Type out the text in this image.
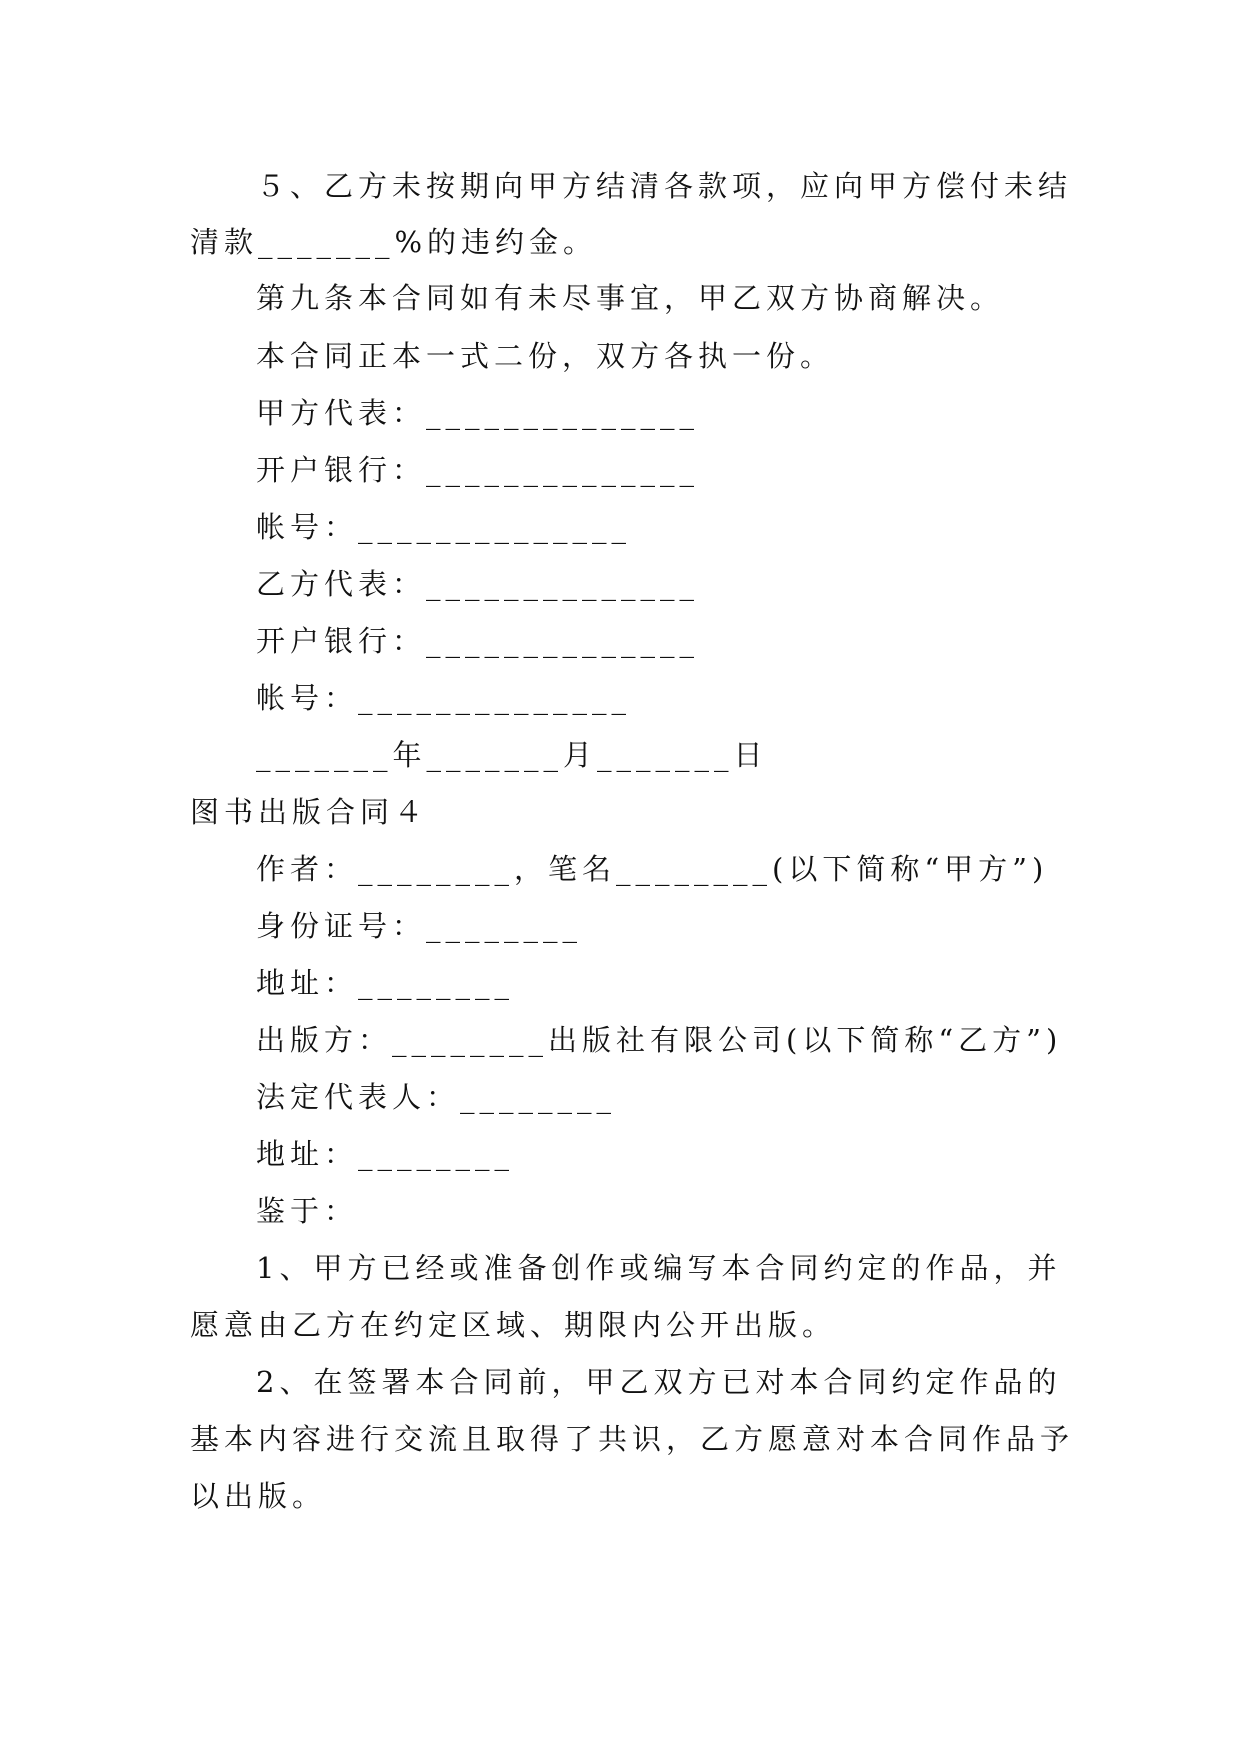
５、乙方未按期向甲方结清各款项，应向甲方偿付未结
清款_______%的违约金。
第九条本合同如有未尽事宜，甲乙双方协商解决。
本合同正本一式二份，双方各执一份。
甲方代表：______________
开户银行：______________
帐号：______________
乙方代表：______________
开户银行：______________
帐号：______________
_______年_______月_______日
图书出版合同４
作者：________，笔名________(以下简称“甲方”)
身份证号：________
地址：________
出版方：________出版社有限公司(以下简称“乙方”)
法定代表人：________
地址：________
鉴于：
1、甲方已经或准备创作或编写本合同约定的作品，并
愿意由乙方在约定区域、期限内公开出版。
2、在签署本合同前，甲乙双方已对本合同约定作品的
基本内容进行交流且取得了共识，乙方愿意对本合同作品予
以出版。
